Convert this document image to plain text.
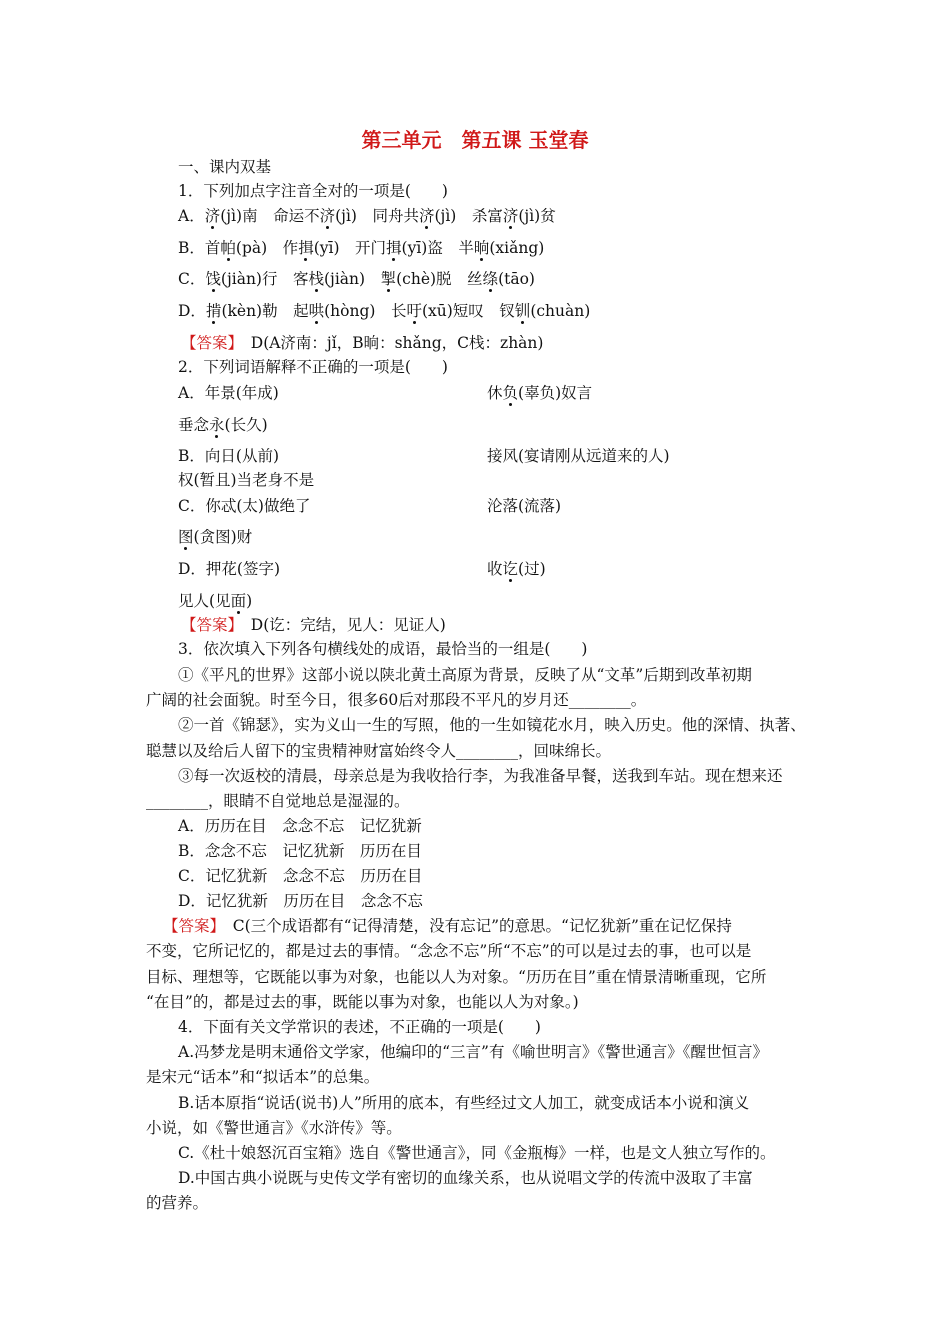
第三单元　第五课 玉堂春
一、课内双基
1．下列加点字注音全对的一项是(　　)
A．济(jì)南　命运不济(jì)　同舟共济(jì)　杀富济(jì)贫
B．首帕(pà)　作揖(yī)　开门揖(yī)盗　半晌(xiǎng)
C．饯(jiàn)行　客栈(jiàn)　掣(chè)脱　丝绦(tāo)
D．掯(kèn)勒　起哄(hòng)　长吁(xū)短叹　钗钏(chuàn)
【答案】　D(A济南：jǐ，B晌：shǎng，C栈：zhàn)
2．下列词语解释不正确的一项是(　　)
A．年景(年成)	休负(辜负)奴言
垂念永(长久)
B．向日(从前)	接风(宴请刚从远道来的人)
权(暂且)当老身不是
C．你忒(太)做绝了	沦落(流落)
图(贪图)财
D．押花(签字)	收讫(过)
见人(见面)
【答案】　D(讫：完结，见人：见证人)
3．依次填入下列各句横线处的成语，最恰当的一组是(　　)
①《平凡的世界》这部小说以陕北黄土高原为背景，反映了从“文革”后期到改革初期
广阔的社会面貌。时至今日，很多60后对那段不平凡的岁月还________。
②一首《锦瑟》，实为义山一生的写照，他的一生如镜花水月，映入历史。他的深情、执著、
聪慧以及给后人留下的宝贵精神财富始终令人________，回味绵长。
③每一次返校的清晨，母亲总是为我收拾行李，为我准备早餐，送我到车站。现在想来还
________，眼睛不自觉地总是湿湿的。
A．历历在目　念念不忘　记忆犹新
B．念念不忘　记忆犹新　历历在目
C．记忆犹新　念念不忘　历历在目
D．记忆犹新　历历在目　念念不忘
【答案】　C(三个成语都有“记得清楚，没有忘记”的意思。“记忆犹新”重在记忆保持
不变，它所记忆的，都是过去的事情。“念念不忘”所“不忘”的可以是过去的事，也可以是
目标、理想等，它既能以事为对象，也能以人为对象。“历历在目”重在情景清晰重现，它所
“在目”的，都是过去的事，既能以事为对象，也能以人为对象。)
4．下面有关文学常识的表述，不正确的一项是(　　)
A.冯梦龙是明末通俗文学家，他编印的“三言”有《喻世明言》《警世通言》《醒世恒言》
是宋元“话本”和“拟话本”的总集。
B.话本原指“说话(说书)人”所用的底本，有些经过文人加工，就变成话本小说和演义
小说，如《警世通言》《水浒传》等。
C.《杜十娘怒沉百宝箱》选自《警世通言》，同《金瓶梅》一样，也是文人独立写作的。
D.中国古典小说既与史传文学有密切的血缘关系，也从说唱文学的传流中汲取了丰富
的营养。
